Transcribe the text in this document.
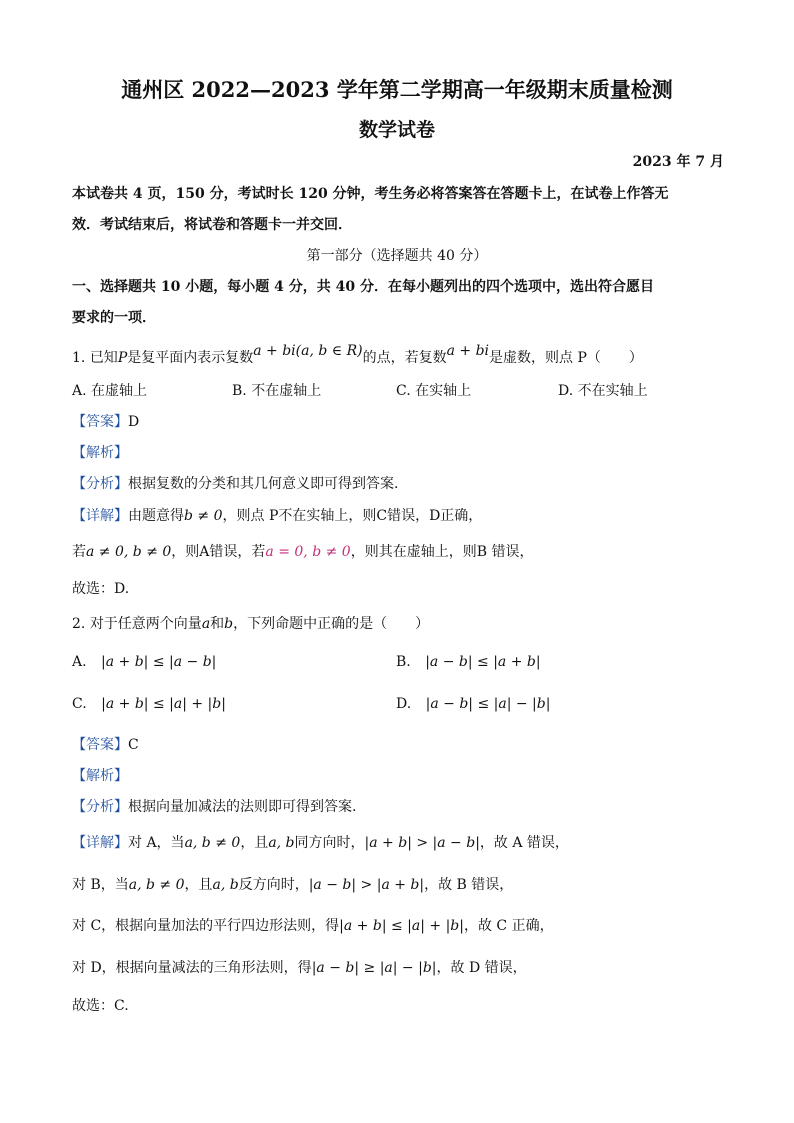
通州区 2022—2023 学年第二学期高一年级期末质量检测
数学试卷
2023 年 7 月
本试卷共 4 页，150 分，考试时长 120 分钟，考生务必将答案答在答题卡上，在试卷上作答无
效．考试结束后，将试卷和答题卡一并交回．
第一部分（选择题共 40 分）
一、选择题共 10 小题，每小题 4 分，共 40 分．在每小题列出的四个选项中，选出符合愿目
要求的一项．
1. 已知P是复平面内表示复数a + bi(a, b ∈ R)的点，若复数a + bi是虚数，则点 P（　　）
A. 在虚轴上	B. 不在虚轴上	C. 在实轴上	D. 不在实轴上
【答案】D
【解析】
【分析】根据复数的分类和其几何意义即可得到答案.
【详解】由题意得b ≠ 0，则点 P不在实轴上，则C错误，D正确，
若a ≠ 0, b ≠ 0，则A错误，若a = 0, b ≠ 0，则其在虚轴上，则B 错误，
故选：D.
2. 对于任意两个向量a和b，下列命题中正确的是（　　）
A. |a + b| ≤ |a − b|	B. |a − b| ≤ |a + b|
C. |a + b| ≤ |a| + |b|	D. |a − b| ≤ |a| − |b|
【答案】C
【解析】
【分析】根据向量加减法的法则即可得到答案.
【详解】对 A，当a, b ≠ 0，且a, b同方向时，|a + b| > |a − b|，故 A 错误，
对 B，当a, b ≠ 0，且a, b反方向时，|a − b| > |a + b|，故 B 错误，
对 C，根据向量加法的平行四边形法则，得|a + b| ≤ |a| + |b|，故 C 正确，
对 D，根据向量减法的三角形法则，得|a − b| ≥ |a| − |b|，故 D 错误，
故选：C.
